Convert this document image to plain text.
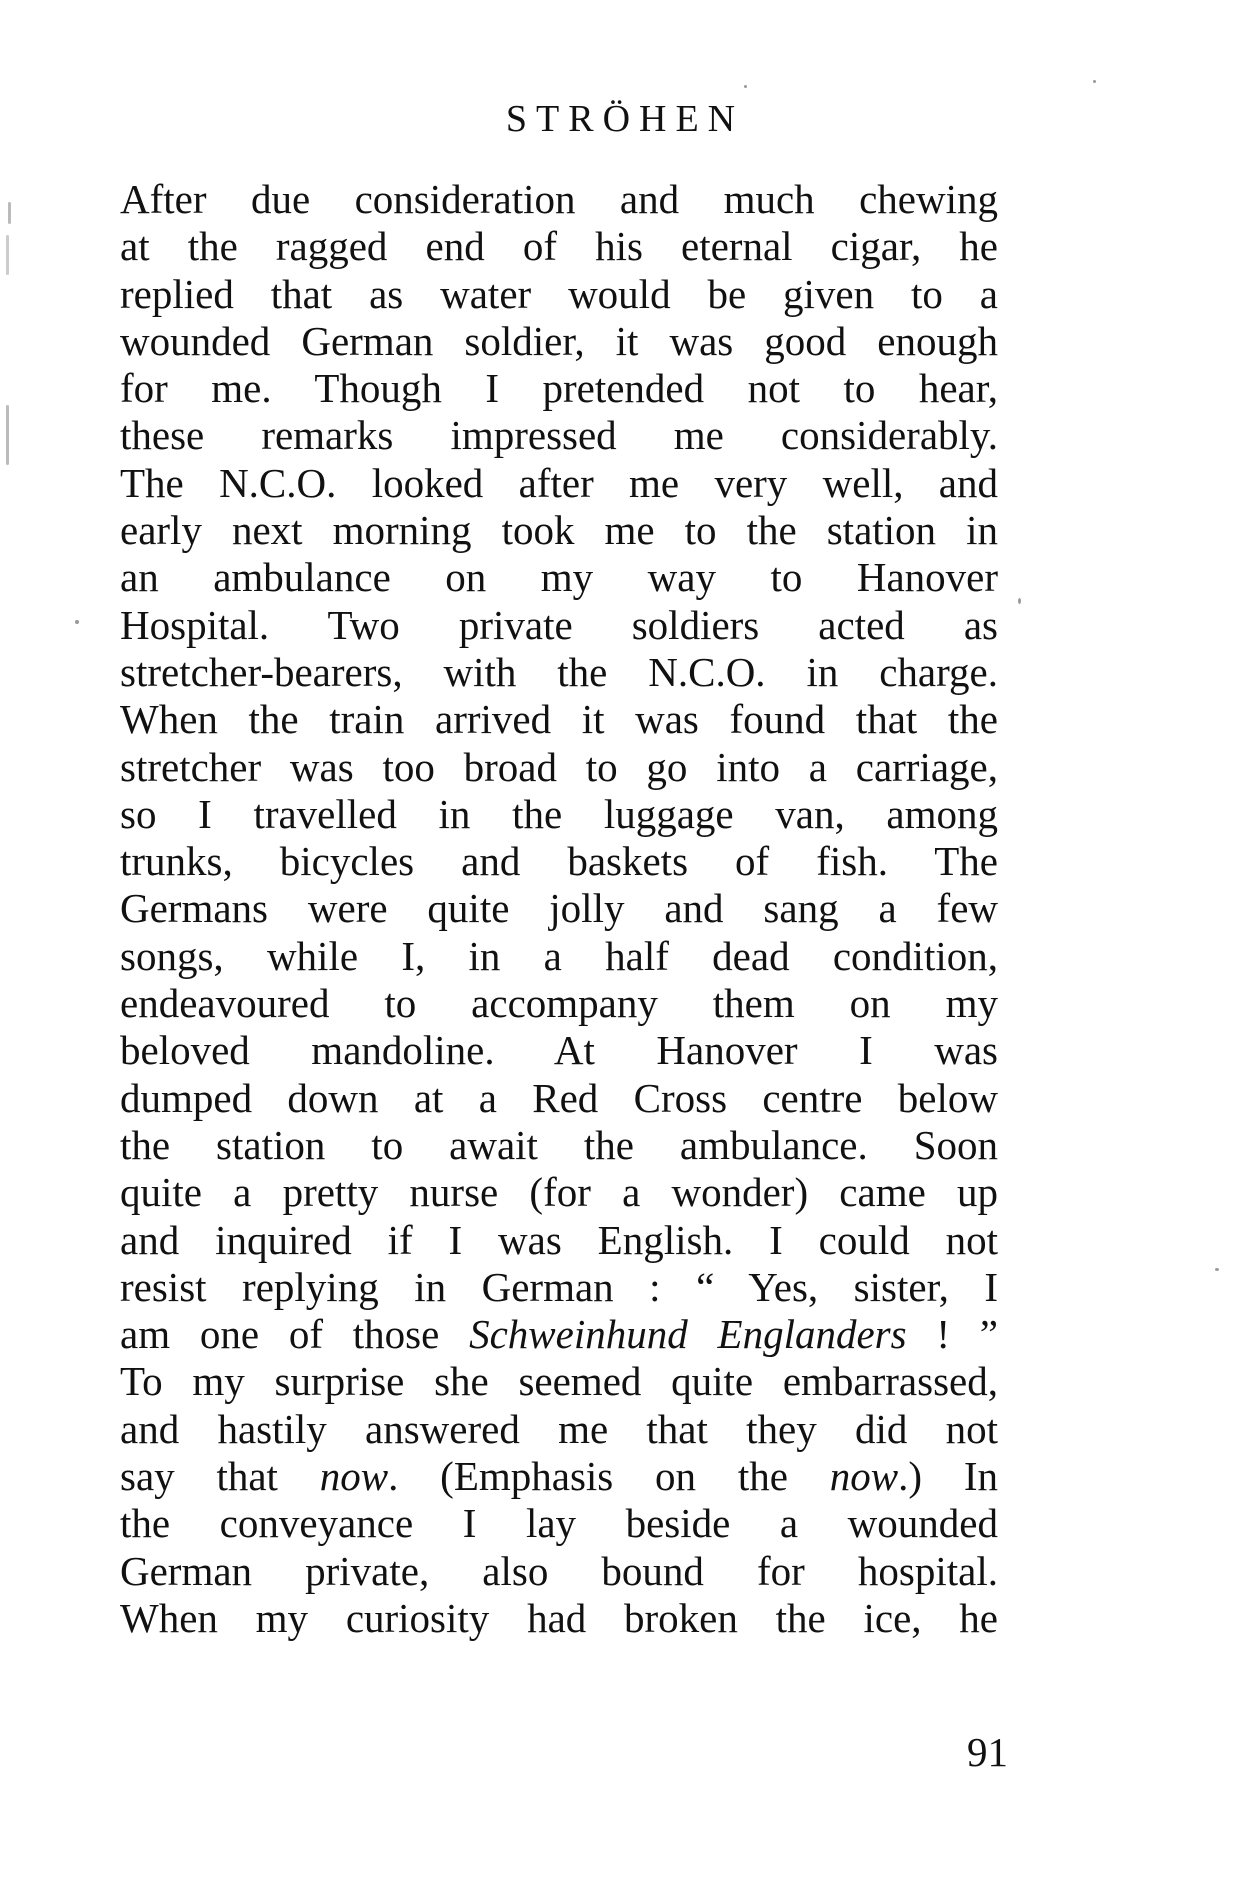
STRÖHEN
After due consideration and much chewing
at the ragged end of his eternal cigar, he
replied that as water would be given to a
wounded German soldier, it was good enough
for me. Though I pretended not to hear,
these remarks impressed me considerably.
The N.C.O. looked after me very well, and
early next morning took me to the station in
an ambulance on my way to Hanover
Hospital. Two private soldiers acted as
stretcher-bearers, with the N.C.O. in charge.
When the train arrived it was found that the
stretcher was too broad to go into a carriage,
so I travelled in the luggage van, among
trunks, bicycles and baskets of fish. The
Germans were quite jolly and sang a few
songs, while I, in a half dead condition,
endeavoured to accompany them on my
beloved mandoline. At Hanover I was
dumped down at a Red Cross centre below
the station to await the ambulance. Soon
quite a pretty nurse (for a wonder) came up
and inquired if I was English. I could not
resist replying in German : “ Yes, sister, I
am one of those Schweinhund Englanders ! ”
To my surprise she seemed quite embarrassed,
and hastily answered me that they did not
say that now. (Emphasis on the now.) In
the conveyance I lay beside a wounded
German private, also bound for hospital.
When my curiosity had broken the ice, he
91
